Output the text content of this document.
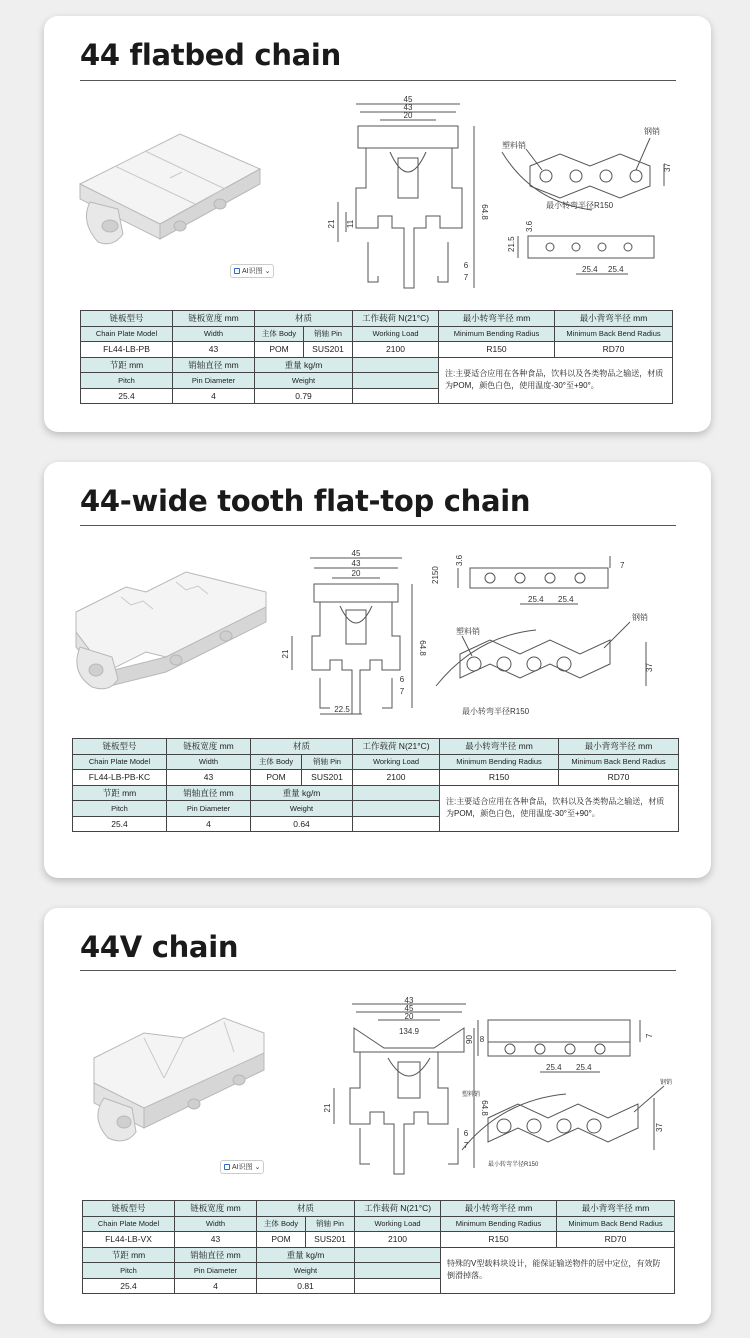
44 flatbed chain
AI识图 ⌄
45
43
20
64.8
21 11
6
7
塑料销
钢销
最小转弯半径R150
37
21.5
3.6
25.4 25.4
链板型号	链板宽度 mm	材质		工作载荷 N(21°C)	最小转弯半径 mm	最小背弯半径 mm
Chain Plate Model	Width	主体 Body	销轴 Pin	Working Load	Minimum Bending Radius	Minimum Back Bend Radius
FL44-LB-PB	43	POM	SUS201	2100	R150	RD70
节距 mm	销轴直径 mm	重量 kg/m			注:主要适合应用在各种食品，饮料以及各类物品之输送，材质为POM，颜色白色，使用温度-30°至+90°。	
Pitch	Pin Diameter	Weight				
25.4	4	0.79				
44-wide tooth flat-top chain
45
43
20
64.8
21
6
7
22.5
2150
3.6	7
25.4 25.4
塑料销
钢销
37
最小转弯半径R150
链板型号	链板宽度 mm	材质		工作载荷 N(21°C)	最小转弯半径 mm	最小背弯半径 mm
Chain Plate Model	Width	主体 Body	销轴 Pin	Working Load	Minimum Bending Radius	Minimum Back Bend Radius
FL44-LB-PB-KC	43	POM	SUS201	2100	R150	RD70
节距 mm	销轴直径 mm	重量 kg/m			注:主要适合应用在各种食品，饮料以及各类物品之输送，材质为POM，颜色白色，使用温度-30°至+90°。	
Pitch	Pin Diameter	Weight				
25.4	4	0.64				
44V chain
AI识图 ⌄
43
45
20
134.9
8
64.8
21
6
7
90	7
25.4 25.4
塑料销
钢销
37
最小转弯半径R150
链板型号	链板宽度 mm	材质		工作载荷 N(21°C)	最小转弯半径 mm	最小背弯半径 mm
Chain Plate Model	Width	主体 Body	销轴 Pin	Working Load	Minimum Bending Radius	Minimum Back Bend Radius
FL44-LB-VX	43	POM	SUS201	2100	R150	RD70
节距 mm	销轴直径 mm	重量 kg/m			特殊的V型载料块设计，能保证输送物件的居中定位，有效防倒滑掉落。	
Pitch	Pin Diameter	Weight				
25.4	4	0.81				
